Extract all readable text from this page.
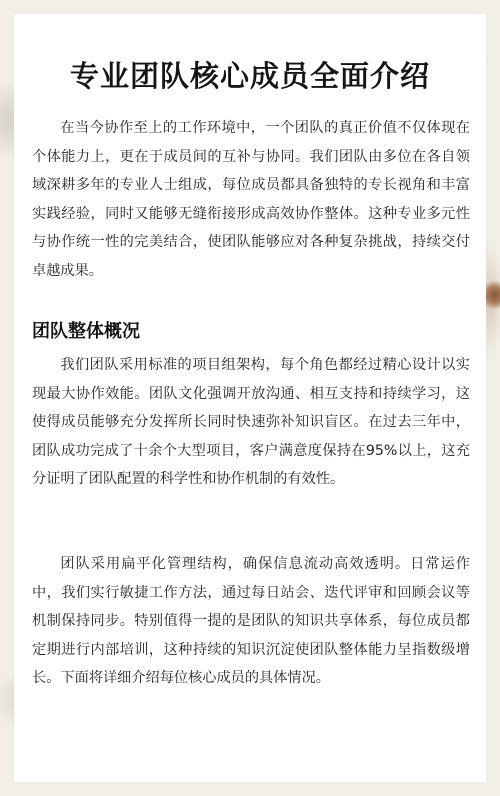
专业团队核心成员全面介绍

在当今协作至上的工作环境中，一个团队的真正价值不仅体现在个体能力上，更在于成员间的互补与协同。我们团队由多位在各自领域深耕多年的专业人士组成，每位成员都具备独特的专长视角和丰富实践经验，同时又能够无缝衔接形成高效协作整体。这种专业多元性与协作统一性的完美结合，使团队能够应对各种复杂挑战，持续交付卓越成果。

团队整体概况

我们团队采用标准的项目组架构，每个角色都经过精心设计以实现最大协作效能。团队文化强调开放沟通、相互支持和持续学习，这使得成员能够充分发挥所长同时快速弥补知识盲区。在过去三年中，团队成功完成了十余个大型项目，客户满意度保持在95%以上，这充分证明了团队配置的科学性和协作机制的有效性。

团队采用扁平化管理结构，确保信息流动高效透明。日常运作中，我们实行敏捷工作方法，通过每日站会、迭代评审和回顾会议等机制保持同步。特别值得一提的是团队的知识共享体系，每位成员都定期进行内部培训，这种持续的知识沉淀使团队整体能力呈指数级增长。下面将详细介绍每位核心成员的具体情况。
